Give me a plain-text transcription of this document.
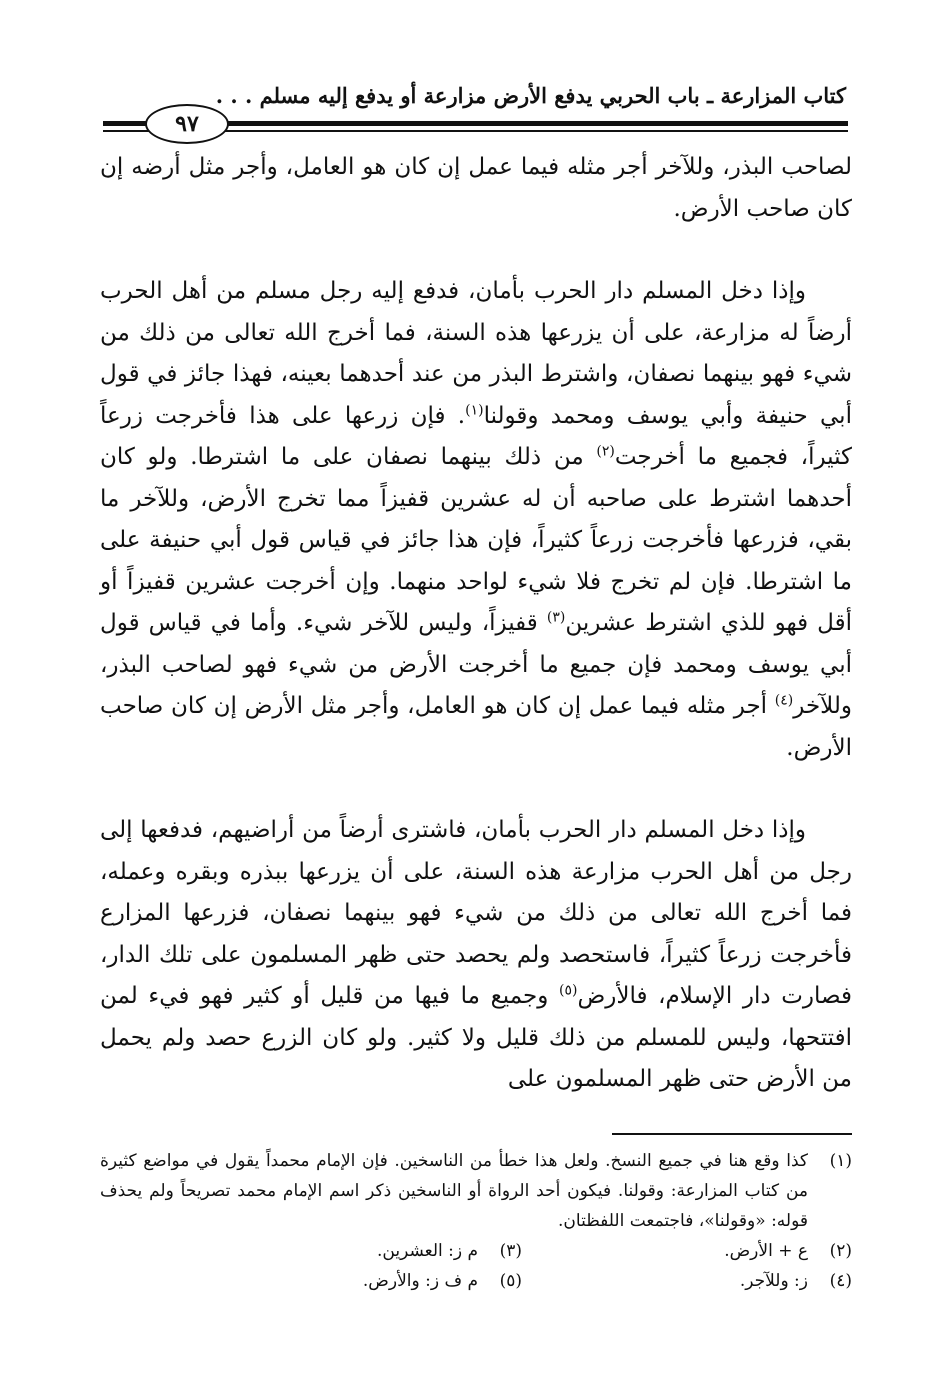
كتاب المزارعة ـ باب الحربي يدفع الأرض مزارعة أو يدفع إليه مسلم . . .
٩٧

لصاحب البذر، وللآخر أجر مثله فيما عمل إن كان هو العامل، وأجر مثل أرضه إن كان صاحب الأرض.

وإذا دخل المسلم دار الحرب بأمان، فدفع إليه رجل مسلم من أهل الحرب أرضاً له مزارعة، على أن يزرعها هذه السنة، فما أخرج الله تعالى من ذلك من شيء فهو بينهما نصفان، واشترط البذر من عند أحدهما بعينه، فهذا جائز في قول أبي حنيفة وأبي يوسف ومحمد وقولنا$^{(١)}$. فإن زرعها على هذا فأخرجت زرعاً كثيراً، فجميع ما أخرجت$^{(٢)}$ من ذلك بينهما نصفان على ما اشترطا. ولو كان أحدهما اشترط على صاحبه أن له عشرين قفيزاً مما تخرج الأرض، وللآخر ما بقي، فزرعها فأخرجت زرعاً كثيراً، فإن هذا جائز في قياس قول أبي حنيفة على ما اشترطا. فإن لم تخرج فلا شيء لواحد منهما. وإن أخرجت عشرين قفيزاً أو أقل فهو للذي اشترط عشرين$^{(٣)}$ قفيزاً، وليس للآخر شيء. وأما في قياس قول أبي يوسف ومحمد فإن جميع ما أخرجت الأرض من شيء فهو لصاحب البذر، وللآخر$^{(٤)}$ أجر مثله فيما عمل إن كان هو العامل، وأجر مثل الأرض إن كان صاحب الأرض.

وإذا دخل المسلم دار الحرب بأمان، فاشترى أرضاً من أراضيهم، فدفعها إلى رجل من أهل الحرب مزارعة هذه السنة، على أن يزرعها ببذره وبقره وعمله، فما أخرج الله تعالى من ذلك من شيء فهو بينهما نصفان، فزرعها المزارع فأخرجت زرعاً كثيراً، فاستحصد ولم يحصد حتى ظهر المسلمون على تلك الدار، فصارت دار الإسلام، فالأرض$^{(٥)}$ وجميع ما فيها من قليل أو كثير فهو فيء لمن افتتحها، وليس للمسلم من ذلك قليل ولا كثير. ولو كان الزرع حصد ولم يحمل من الأرض حتى ظهر المسلمون على

(١)
كذا وقع هنا في جميع النسخ. ولعل هذا خطأ من الناسخين. فإن الإمام محمداً يقول في مواضع كثيرة من كتاب المزارعة: وقولنا. فيكون أحد الرواة أو الناسخين ذكر اسم الإمام محمد تصريحاً ولم يحذف قوله: «وقولنا»، فاجتمعت اللفظتان.
(٢)
ع + الأرض.
(٣)
م ز: العشرين.
(٤)
ز: وللآجر.
(٥)
م ف ز: والأرض.
